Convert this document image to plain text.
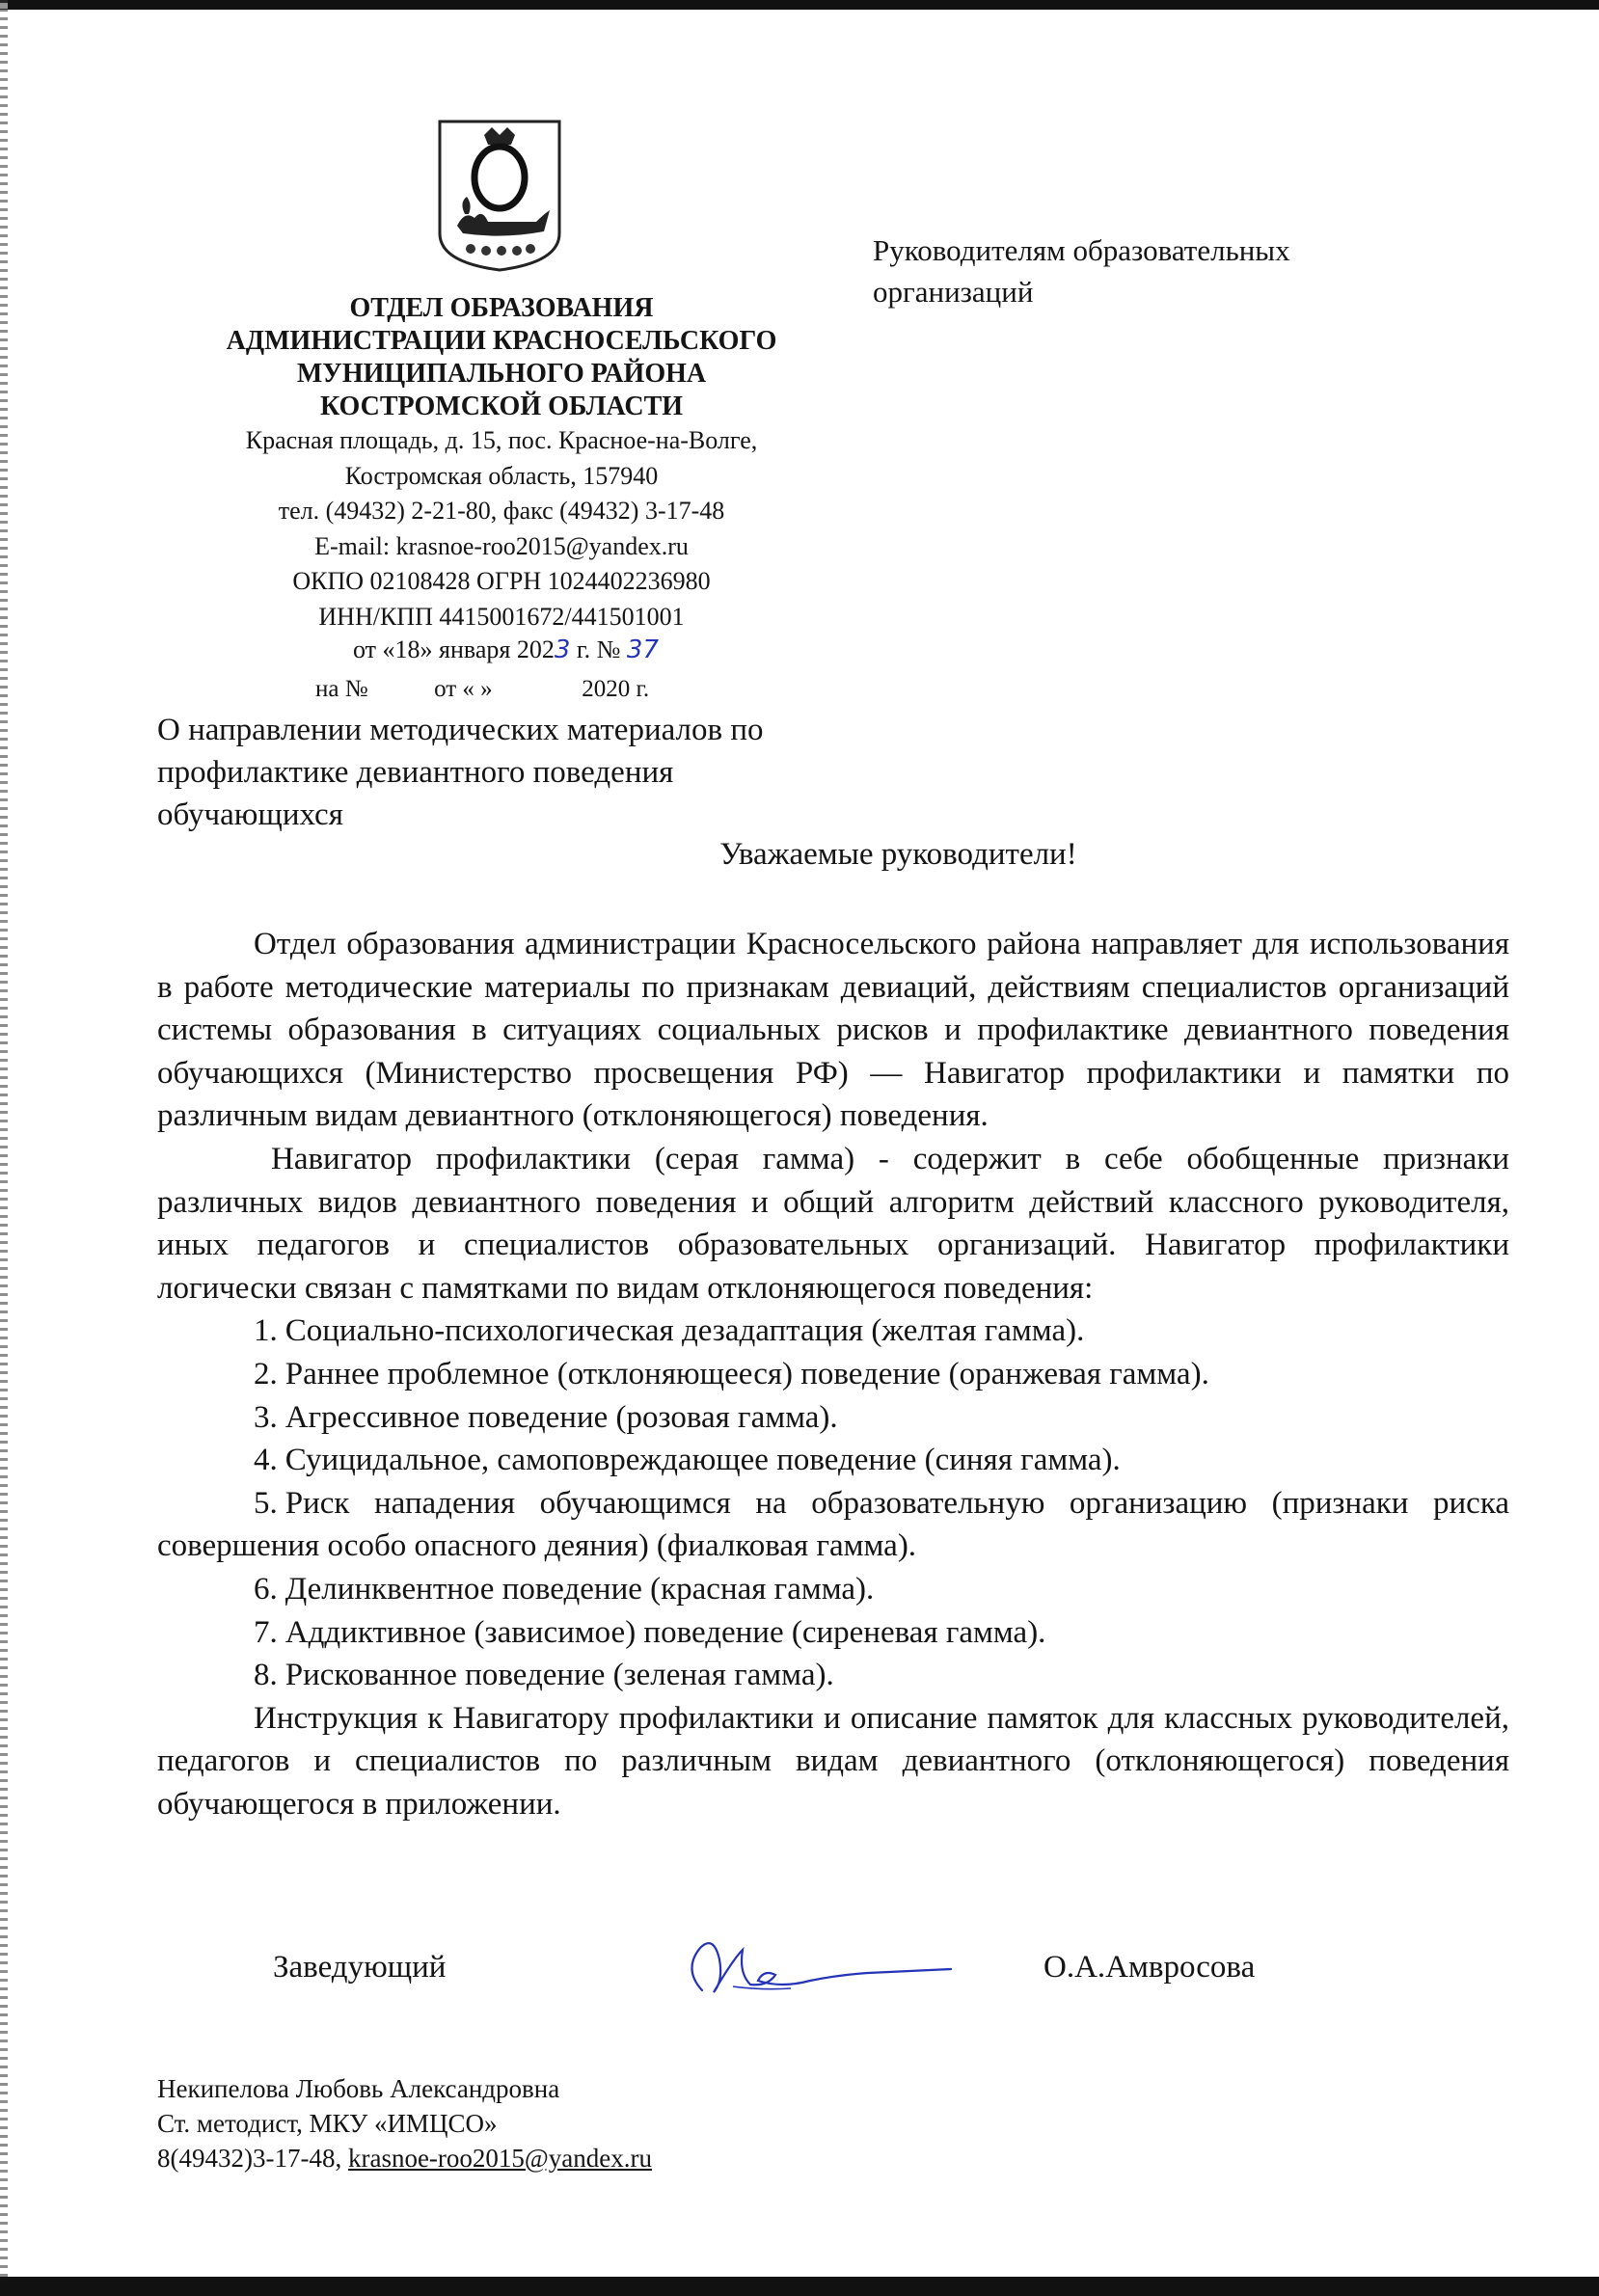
ОТДЕЛ ОБРАЗОВАНИЯ

АДМИНИСТРАЦИИ КРАСНОСЕЛЬСКОГО

МУНИЦИПАЛЬНОГО РАЙОНА

КОСТРОМСКОЙ ОБЛАСТИ

Красная площадь, д. 15, пос. Красное-на-Волге,

Костромская область, 157940

тел. (49432) 2-21-80, факс (49432) 3-17-48

E-mail: krasnoe-roo2015@yandex.ru

ОКПО 02108428 ОГРН 1024402236980

ИНН/КПП 4415001672/441501001

от «18» января 2023 г. № 37
на №	от « »	2020 г.
Руководителям образовательных организаций
О направлении методических материалов по профилактике девиантного поведения обучающихся
Уважаемые руководители!

Отдел образования администрации Красносельского района направляет для использования в работе методические материалы по признакам девиаций, действиям специалистов организаций системы образования в ситуациях социальных рисков и профилактике девиантного поведения обучающихся (Министерство просвещения РФ) — Навигатор профилактики и памятки по различным видам девиантного (отклоняющегося) поведения.

Навигатор профилактики (серая гамма) - содержит в себе обобщенные признаки различных видов девиантного поведения и общий алгоритм действий классного руководителя, иных педагогов и специалистов образовательных организаций. Навигатор профилактики логически связан с памятками по видам отклоняющегося поведения:

1. Социально-психологическая дезадаптация (желтая гамма).
2. Раннее проблемное (отклоняющееся) поведение (оранжевая гамма).
3. Агрессивное поведение (розовая гамма).
4. Суицидальное, самоповреждающее поведение (синяя гамма).
5. Риск нападения обучающимся на образовательную организацию (признаки риска совершения особо опасного деяния) (фиалковая гамма).
6. Делинквентное поведение (красная гамма).
7. Аддиктивное (зависимое) поведение (сиреневая гамма).
8. Рискованное поведение (зеленая гамма).

Инструкция к Навигатору профилактики и описание памяток для классных руководителей, педагогов и специалистов по различным видам девиантного (отклоняющегося) поведения обучающегося в приложении.

Заведующий	О.А.Амвросова
Некипелова Любовь Александровна
Ст. методист, МКУ «ИМЦСО»
8(49432)3-17-48, krasnoe-roo2015@yandex.ru
